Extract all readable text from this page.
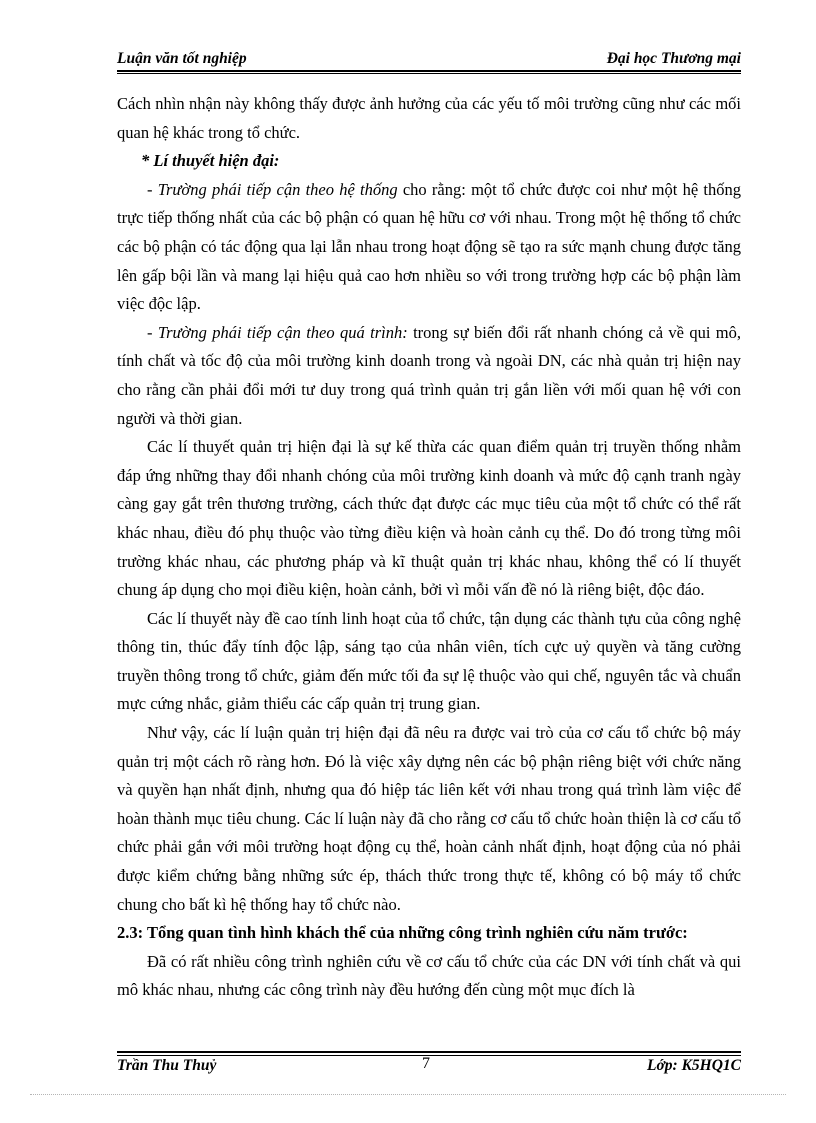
Luận văn tốt nghiệp	Đại học Thương mại

Cách nhìn nhận này không thấy được ảnh hưởng của các yếu tố môi trường cũng như các mối quan hệ khác trong tổ chức.

* Lí thuyết hiện đại:

- Trường phái tiếp cận theo hệ thống cho rằng: một tổ chức được coi như một hệ thống trực tiếp thống nhất của các bộ phận có quan hệ hữu cơ với nhau. Trong một hệ thống tổ chức các bộ phận có tác động qua lại lẫn nhau trong hoạt động sẽ tạo ra sức mạnh chung được tăng lên gấp bội lần và mang lại hiệu quả cao hơn nhiều so với trong trường hợp các bộ phận làm việc độc lập.

- Trường phái tiếp cận theo quá trình: trong sự biến đổi rất nhanh chóng cả về qui mô, tính chất và tốc độ của môi trường kinh doanh trong và ngoài DN, các nhà quản trị hiện nay cho rằng cần phải đổi mới tư duy trong quá trình quản trị gắn liền với mối quan hệ với con người và thời gian.

Các lí thuyết quản trị hiện đại là sự kế thừa các quan điểm quản trị truyền thống nhằm đáp ứng những thay đổi nhanh chóng của môi trường kinh doanh và mức độ cạnh tranh ngày càng gay gắt trên thương trường, cách thức đạt được các mục tiêu của một tổ chức có thể rất khác nhau, điều đó phụ thuộc vào từng điều kiện và hoàn cảnh cụ thể. Do đó trong từng môi trường khác nhau, các phương pháp và kĩ thuật quản trị khác nhau, không thể có lí thuyết chung áp dụng cho mọi điều kiện, hoàn cảnh, bởi vì mỗi vấn đề nó là riêng biệt, độc đáo.

Các lí thuyết này đề cao tính linh hoạt của tổ chức, tận dụng các thành tựu của công nghệ thông tin, thúc đẩy tính độc lập, sáng tạo của nhân viên, tích cực uỷ quyền và tăng cường truyền thông trong tổ chức, giảm đến mức tối đa sự lệ thuộc vào qui chế, nguyên tắc và chuẩn mực cứng nhắc, giảm thiểu các cấp quản trị trung gian.

Như vậy, các lí luận quản trị hiện đại đã nêu ra được vai trò của cơ cấu tổ chức bộ máy quản trị một cách rõ ràng hơn. Đó là việc xây dựng nên các bộ phận riêng biệt với chức năng và quyền hạn nhất định, nhưng qua đó hiệp tác liên kết với nhau trong quá trình làm việc để hoàn thành mục tiêu chung. Các lí luận này đã cho rằng cơ cấu tổ chức hoàn thiện là cơ cấu tổ chức phải gắn với môi trường hoạt động cụ thể, hoàn cảnh nhất định, hoạt động của nó phải được kiểm chứng bằng những sức ép, thách thức trong thực tế, không có bộ máy tổ chức chung cho bất kì hệ thống hay tổ chức nào.

2.3: Tổng quan tình hình khách thể của những công trình nghiên cứu năm trước:

Đã có rất nhiều công trình nghiên cứu về cơ cấu tổ chức của các DN với tính chất và qui mô khác nhau, nhưng các công trình này đều hướng đến cùng một mục đích là

Trần Thu Thuỷ	7	Lớp: K5HQ1C
